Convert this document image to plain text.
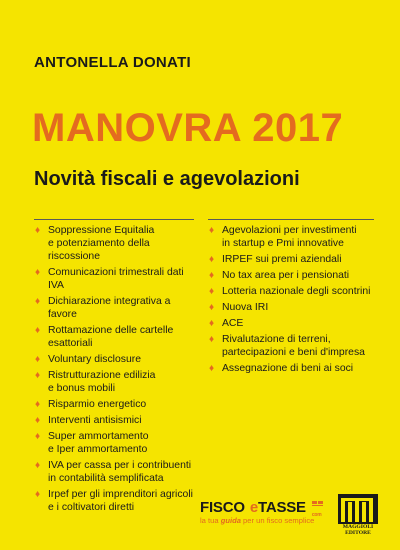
ANTONELLA DONATI
MANOVRA 2017
Novità fiscali e agevolazioni
♦ Soppressione Equitalia
e potenziamento della riscossione
♦ Comunicazioni trimestrali dati IVA
♦ Dichiarazione integrativa a favore
♦ Rottamazione delle cartelle
esattoriali
♦ Voluntary disclosure
♦ Ristrutturazione edilizia
e bonus mobili
♦ Risparmio energetico
♦ Interventi antisismici
♦ Super ammortamento
e Iper ammortamento
♦ IVA per cassa per i contribuenti
in contabilità semplificata
♦ Irpef per gli imprenditori agricoli
e i coltivatori diretti
♦ Agevolazioni per investimenti
in startup e Pmi innovative
♦ IRPEF sui premi aziendali
♦ No tax area per i pensionati
♦ Lotteria nazionale degli scontrini
♦ Nuova IRI
♦ ACE
♦ Rivalutazione di terreni,
partecipazioni e beni d'impresa
♦ Assegnazione di beni ai soci
FISCO eTASSE com
la tua guida per un fisco semplice
MAGGIOLI
EDITORE
